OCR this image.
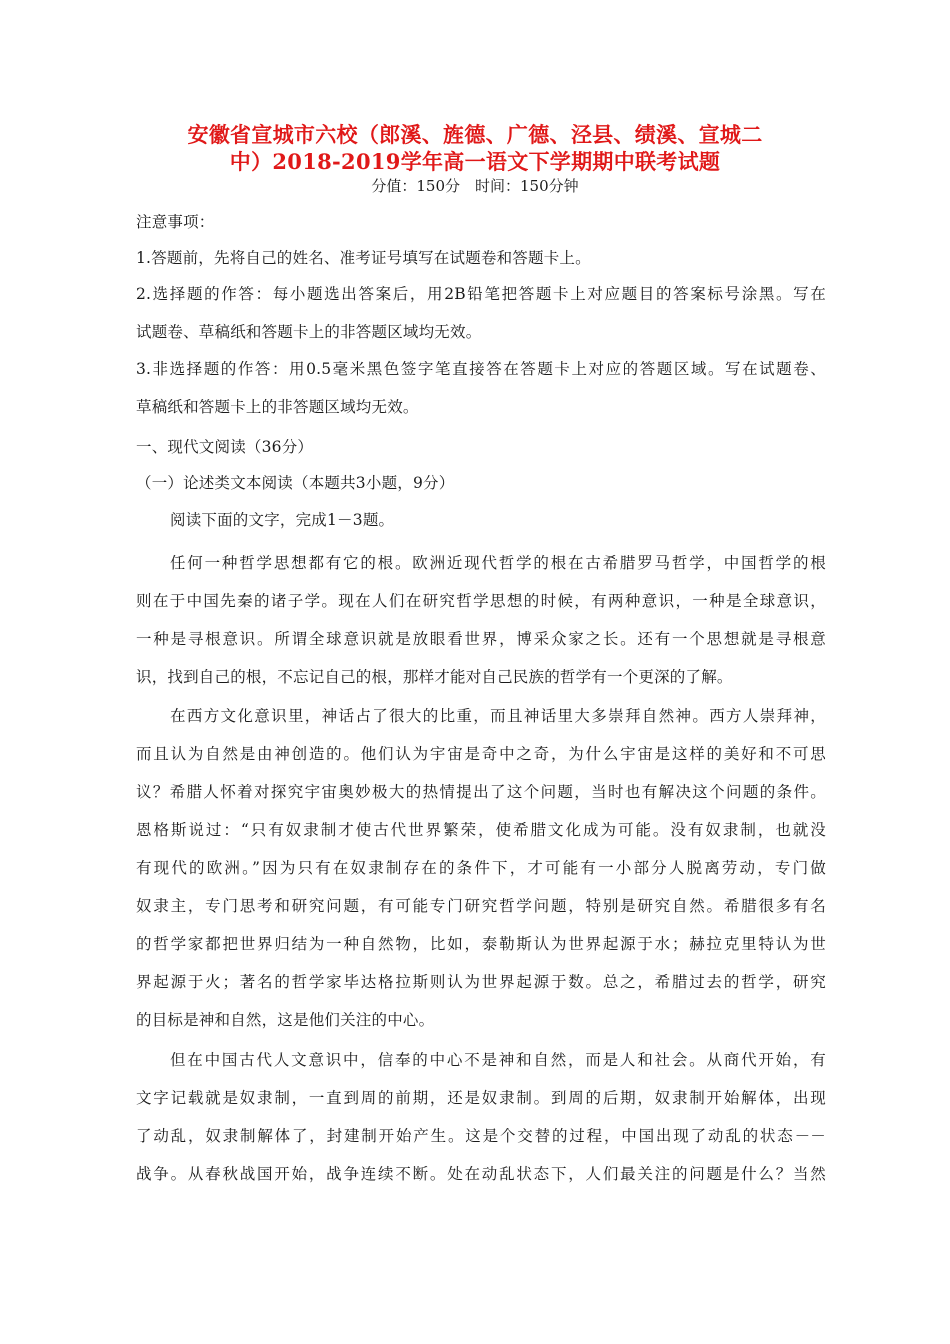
安徽省宣城市六校（郎溪、旌德、广德、泾县、绩溪、宣城二
中）2018-2019学年高一语文下学期期中联考试题
分值：150分　时间：150分钟
注意事项：
1.答题前，先将自己的姓名、准考证号填写在试题卷和答题卡上。
2.选择题的作答：每小题选出答案后，用2B铅笔把答题卡上对应题目的答案标号涂黑。写在
试题卷、草稿纸和答题卡上的非答题区域均无效。
3.非选择题的作答：用0.5毫米黑色签字笔直接答在答题卡上对应的答题区域。写在试题卷、
草稿纸和答题卡上的非答题区域均无效。
一、现代文阅读（36分）
（一）论述类文本阅读（本题共3小题，9分）
阅读下面的文字，完成1－3题。
任何一种哲学思想都有它的根。欧洲近现代哲学的根在古希腊罗马哲学，中国哲学的根
则在于中国先秦的诸子学。现在人们在研究哲学思想的时候，有两种意识，一种是全球意识，
一种是寻根意识。所谓全球意识就是放眼看世界，博采众家之长。还有一个思想就是寻根意
识，找到自己的根，不忘记自己的根，那样才能对自己民族的哲学有一个更深的了解。
在西方文化意识里，神话占了很大的比重，而且神话里大多崇拜自然神。西方人崇拜神，
而且认为自然是由神创造的。他们认为宇宙是奇中之奇，为什么宇宙是这样的美好和不可思
议？希腊人怀着对探究宇宙奥妙极大的热情提出了这个问题，当时也有解决这个问题的条件。
恩格斯说过：“只有奴隶制才使古代世界繁荣，使希腊文化成为可能。没有奴隶制，也就没
有现代的欧洲。”因为只有在奴隶制存在的条件下，才可能有一小部分人脱离劳动，专门做
奴隶主，专门思考和研究问题，有可能专门研究哲学问题，特别是研究自然。希腊很多有名
的哲学家都把世界归结为一种自然物，比如，泰勒斯认为世界起源于水；赫拉克里特认为世
界起源于火；著名的哲学家毕达格拉斯则认为世界起源于数。总之，希腊过去的哲学，研究
的目标是神和自然，这是他们关注的中心。
但在中国古代人文意识中，信奉的中心不是神和自然，而是人和社会。从商代开始，有
文字记载就是奴隶制，一直到周的前期，还是奴隶制。到周的后期，奴隶制开始解体，出现
了动乱，奴隶制解体了，封建制开始产生。这是个交替的过程，中国出现了动乱的状态－－
战争。从春秋战国开始，战争连续不断。处在动乱状态下，人们最关注的问题是什么？当然
